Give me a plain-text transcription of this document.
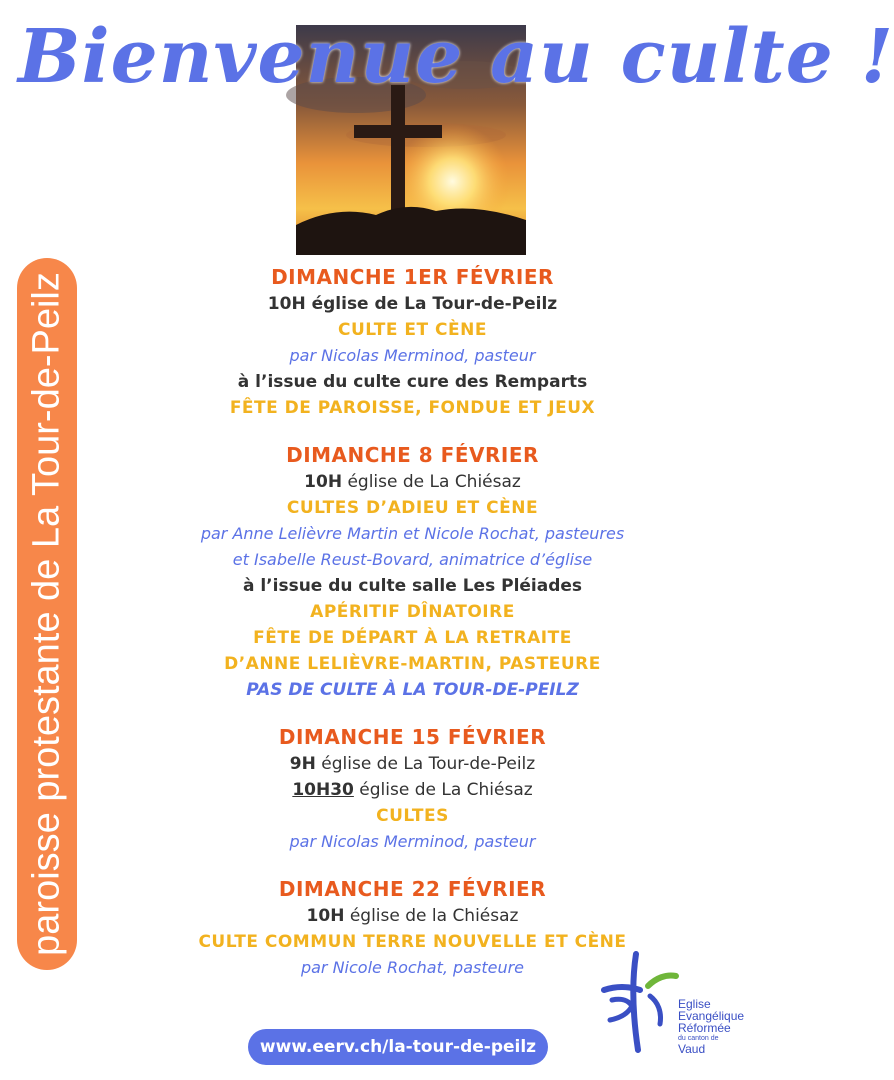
Bienvenue au culte !
paroisse protestante de La Tour-de-Peilz	DIMANCHE 1ER FÉVRIER
10H église de La Tour-de-Peilz
CULTE ET CÈNE
par Nicolas Merminod, pasteur
à l’issue du culte cure des Remparts
FÊTE DE PAROISSE, FONDUE ET JEUX
DIMANCHE 8 FÉVRIER
10H église de La Chiésaz
CULTES D’ADIEU ET CÈNE
par Anne Lelièvre Martin et Nicole Rochat, pasteures
et Isabelle Reust-Bovard, animatrice d’église
à l’issue du culte salle Les Pléiades
APÉRITIF DÎNATOIRE
FÊTE DE DÉPART À LA RETRAITE
D’ANNE LELIÈVRE-MARTIN, PASTEURE
PAS DE CULTE À LA TOUR-DE-PEILZ
DIMANCHE 15 FÉVRIER
9H église de La Tour-de-Peilz
10H30 église de La Chiésaz
CULTES
par Nicolas Merminod, pasteur
DIMANCHE 22 FÉVRIER
10H église de la Chiésaz
CULTE COMMUN TERRE NOUVELLE ET CÈNE
par Nicole Rochat, pasteure
www.eerv.ch/la-tour-de-peilz
Eglise
Evangélique
Réformée
du canton de
Vaud
